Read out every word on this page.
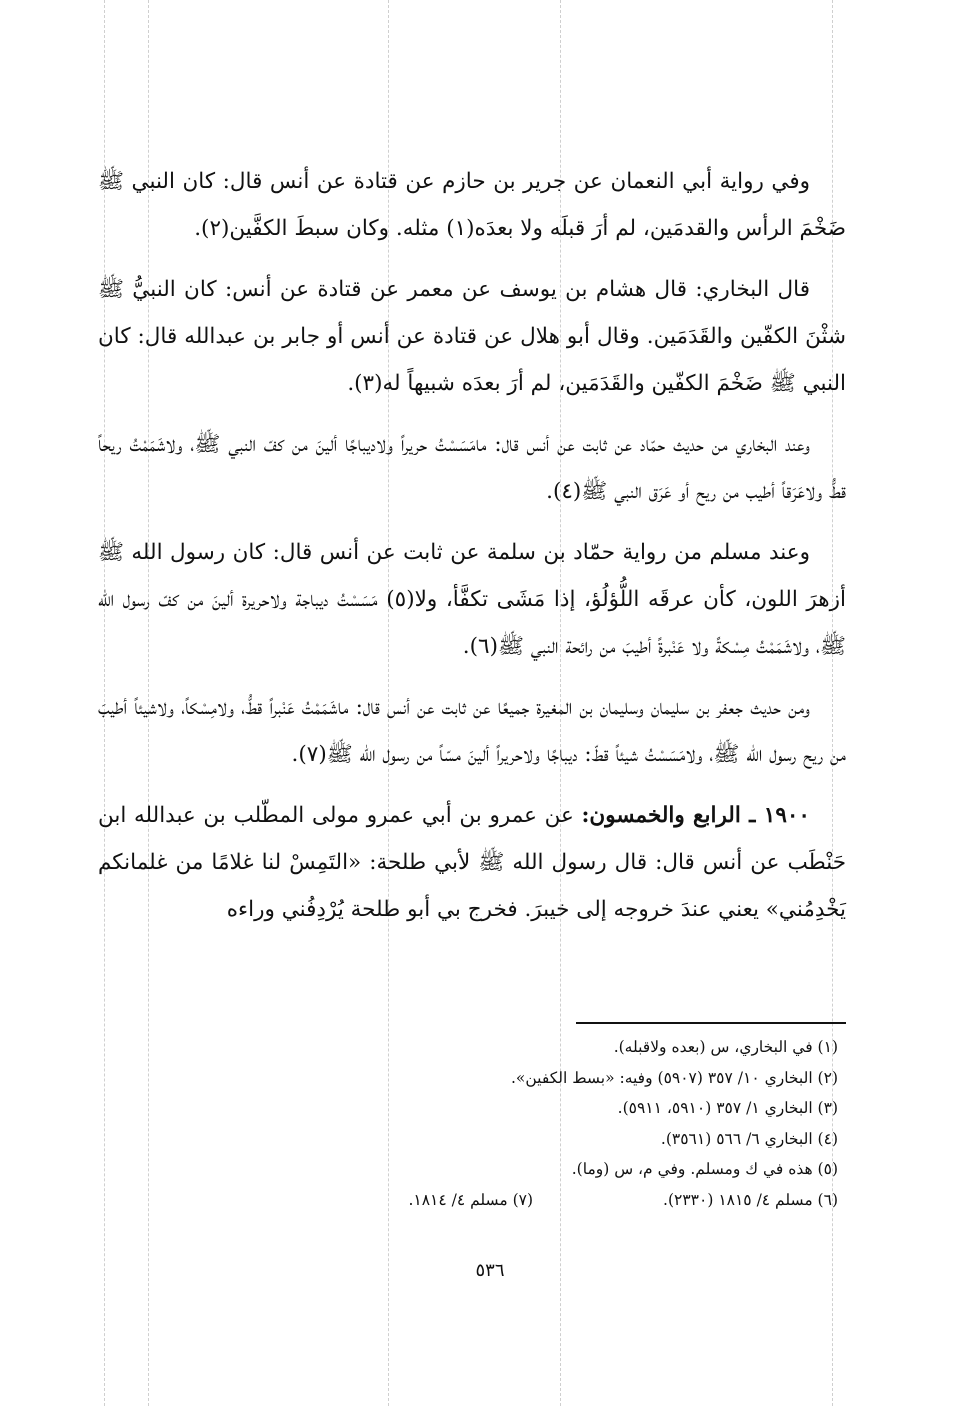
وفي رواية أبي النعمان عن جرير بن حازم عن قتادة عن أنس قال: كان النبي ﷺ ضَخْمَ الرأس والقدمَين، لم أرَ قبلَه ولا بعدَه(١) مثله. وكان سبطَ الكفَّين(٢).

قال البخاري: قال هشام بن يوسف عن معمر عن قتادة عن أنس: كان النبيُّ ﷺ شثْنَ الكفّين والقَدَمَين. وقال أبو هلال عن قتادة عن أنس أو جابر بن عبدالله قال: كان النبي ﷺ ضَخْمَ الكفّين والقَدَمَين، لم أرَ بعدَه شبيهاً له(٣).

وعند البخاري من حديث حمّاد عن ثابت عن أنس قال: مامَسَسْتُ حريراً ولاديباجًا ألينَ من كفّ النبي ﷺ، ولاشَمَمْتُ ريحاً قطُّ ولاعَرَقاً أطيب من ريح أو عَرَق النبي ﷺ(٤).

وعند مسلم من رواية حمّاد بن سلمة عن ثابت عن أنس قال: كان رسول الله ﷺ أزهرَ اللون، كأن عرقَه اللُّؤلُؤ، إذا مَشَى تكفَّأ، ولا(٥) مَسَسْتُ ديباجة ولاحريرة ألينَ من كفّ رسول الله ﷺ، ولاشَمَمْتُ مِسْكةً ولا عَنْبرةً أطيبَ من رائحة النبي ﷺ(٦).

ومن حديث جعفر بن سليمان وسليمان بن المغيرة جميعًا عن ثابت عن أنس قال: ماشَمَمْتُ عَنْبراً قطُّ، ولامِسْكاً، ولاشيئاً أطيبَ من ريح رسول الله ﷺ، ولامَسَسْتُ شيئاً قطّ: ديباجًا ولاحريراً ألينَ مسّاً من رسول الله ﷺ(٧).

١٩٠٠ ـ الرابع والخمسون: عن عمرو بن أبي عمرو مولى المطّلب بن عبدالله ابن حَنْطَب عن أنس قال: قال رسول الله ﷺ لأبي طلحة: «التَمِسْ لنا غلامًا من غلمانكم يَخْدِمُني» يعني عندَ خروجه إلى خيبرَ. فخرج بي أبو طلحة يُرْدِفُني وراءه

(١) في البخاري، س (بعده ولاقبله).

(٢) البخاري ١٠/ ٣٥٧ (٥٩٠٧) وفيه: «بسط الكفين».

(٣) البخاري ١/ ٣٥٧ (٥٩١٠، ٥٩١١).

(٤) البخاري ٦/ ٥٦٦ (٣٥٦١).

(٥) هذه في ك ومسلم. وفي م، س (وما).

(٦) مسلم ٤/ ١٨١٥ (٢٣٣٠).
(٧) مسلم ٤/ ١٨١٤.
٥٣٦
